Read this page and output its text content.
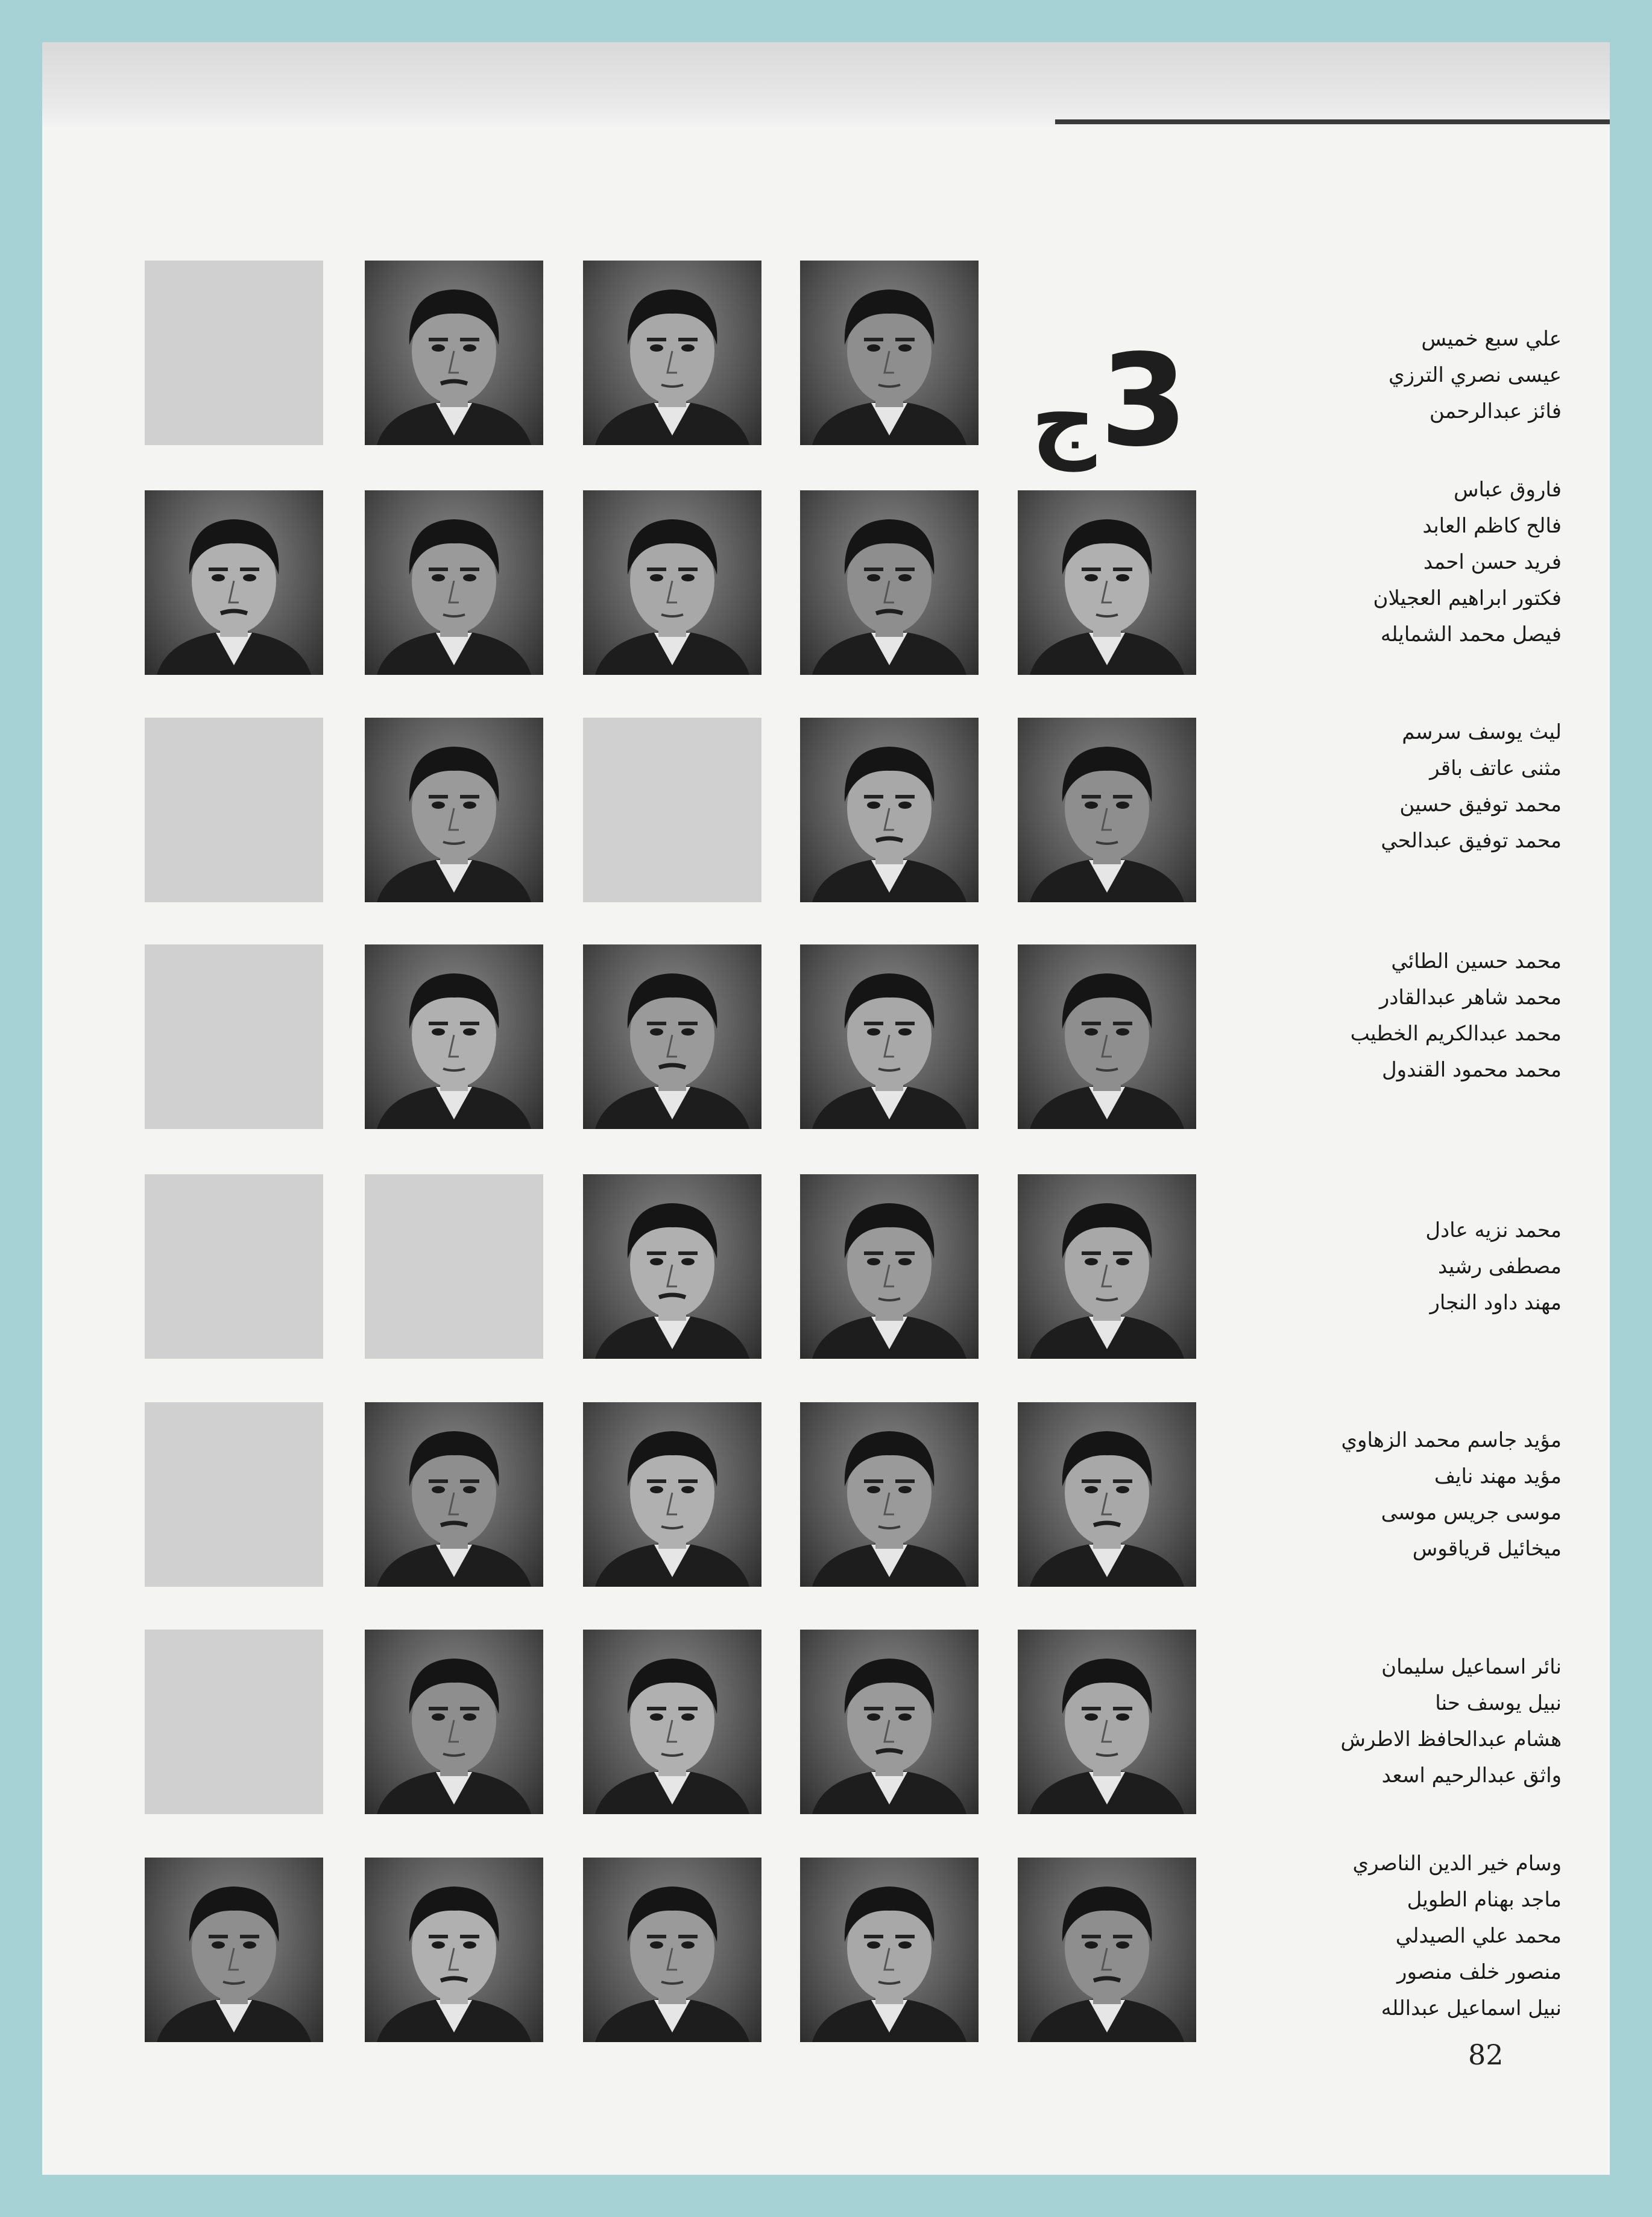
3
ج
علي سبع خميس
عيسى نصري الترزي
فائز عبدالرحمن
فاروق عباس
فالح كاظم العابد
فريد حسن احمد
فكتور ابراهيم العجيلان
فيصل محمد الشمايله
ليث يوسف سرسم
مثنى عاتف باقر
محمد توفيق حسين
محمد توفيق عبدالحي
محمد حسين الطائي
محمد شاهر عبدالقادر
محمد عبدالكريم الخطيب
محمد محمود القندول
محمد نزيه عادل
مصطفى رشيد
مهند داود النجار
مؤيد جاسم محمد الزهاوي
مؤيد مهند نايف
موسى جريس موسى
ميخائيل قرياقوس
نائر اسماعيل سليمان
نبيل يوسف حنا
هشام عبدالحافظ الاطرش
واثق عبدالرحيم اسعد
وسام خير الدين الناصري
ماجد بهنام الطويل
محمد علي الصيدلي
منصور خلف منصور
نبيل اسماعيل عبدالله
82
